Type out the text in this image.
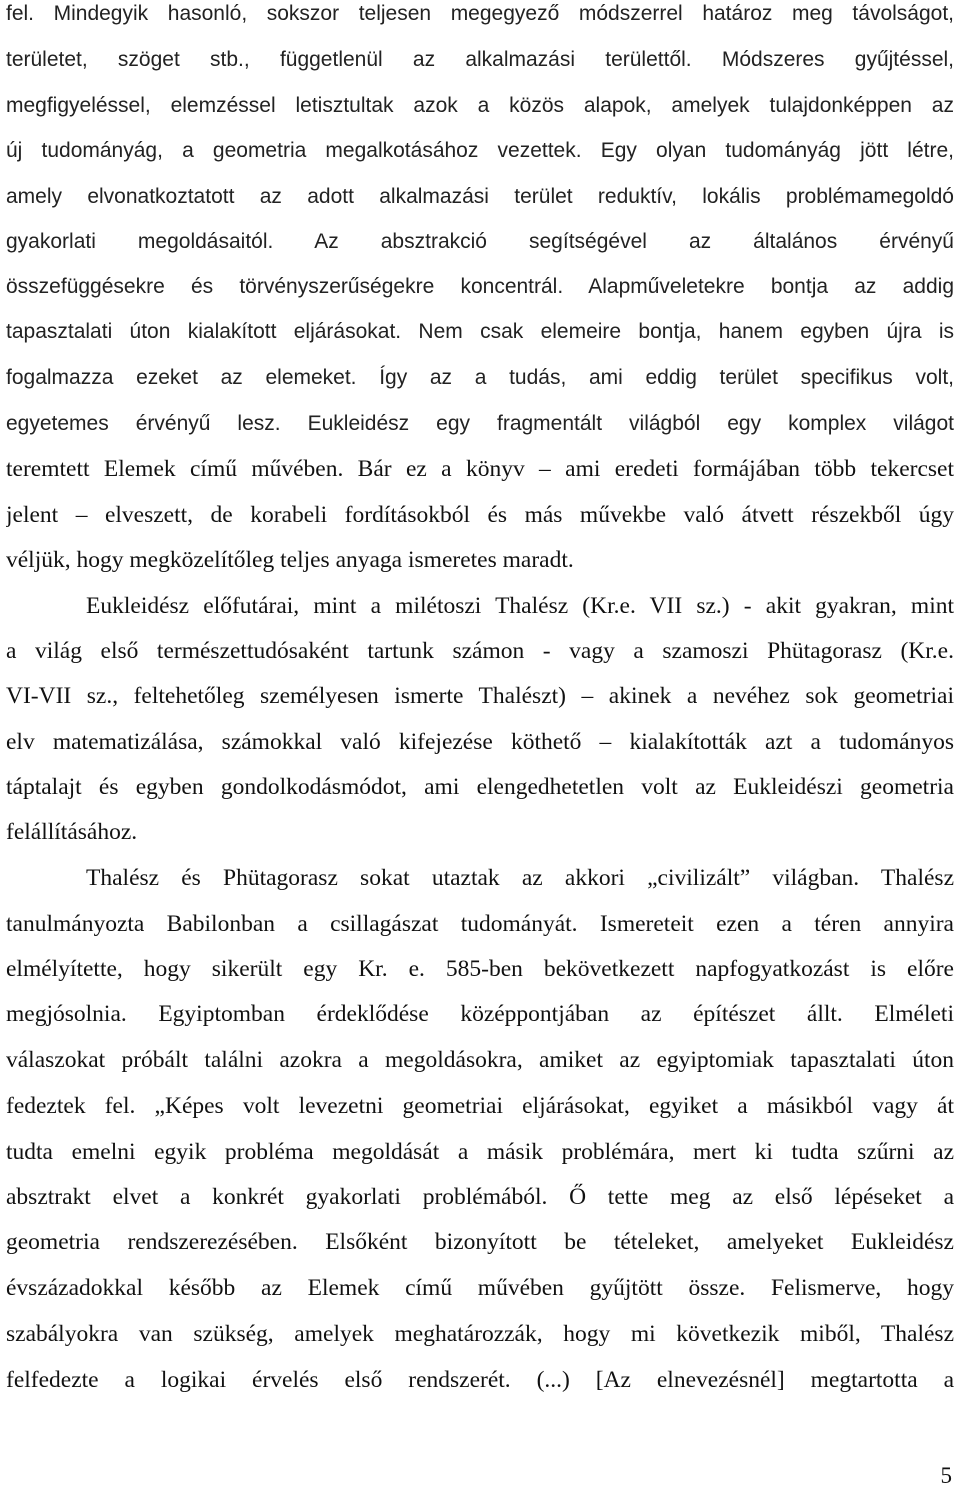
fel. Mindegyik hasonló, sokszor teljesen megegyező módszerrel határoz meg távolságot,
területet, szöget stb., függetlenül az alkalmazási területtől. Módszeres gyűjtéssel,
megfigyeléssel, elemzéssel letisztultak azok a közös alapok, amelyek tulajdonképpen az
új tudományág, a geometria megalkotásához vezettek. Egy olyan tudományág jött létre,
amely elvonatkoztatott az adott alkalmazási terület reduktív, lokális problémamegoldó
gyakorlati megoldásaitól. Az absztrakció segítségével az általános érvényű
összefüggésekre és törvényszerűségekre koncentrál. Alapműveletekre bontja az addig
tapasztalati úton kialakított eljárásokat. Nem csak elemeire bontja, hanem egyben újra is
fogalmazza ezeket az elemeket. Így az a tudás, ami eddig terület specifikus volt,
egyetemes érvényű lesz. Eukleidész egy fragmentált világból egy komplex világot
teremtett Elemek című művében. Bár ez a könyv – ami eredeti formájában több tekercset
jelent – elveszett, de korabeli fordításokból és más művekbe való átvett részekből úgy
véljük, hogy megközelítőleg teljes anyaga ismeretes maradt.
Eukleidész előfutárai, mint a milétoszi Thalész (Kr.e. VII sz.) - akit gyakran, mint
a világ első természettudósaként tartunk számon - vagy a szamoszi Phütagorasz (Kr.e.
VI-VII sz., feltehetőleg személyesen ismerte Thalészt) – akinek a nevéhez sok geometriai
elv matematizálása, számokkal való kifejezése köthető – kialakították azt a tudományos
táptalajt és egyben gondolkodásmódot, ami elengedhetetlen volt az Eukleidészi geometria
felállításához.
Thalész és Phütagorasz sokat utaztak az akkori „civilizált” világban. Thalész
tanulmányozta Babilonban a csillagászat tudományát. Ismereteit ezen a téren annyira
elmélyítette, hogy sikerült egy Kr. e. 585-ben bekövetkezett napfogyatkozást is előre
megjósolnia. Egyiptomban érdeklődése középpontjában az építészet állt. Elméleti
válaszokat próbált találni azokra a megoldásokra, amiket az egyiptomiak tapasztalati úton
fedeztek fel. „Képes volt levezetni geometriai eljárásokat, egyiket a másikból vagy át
tudta emelni egyik probléma megoldását a másik problémára, mert ki tudta szűrni az
absztrakt elvet a konkrét gyakorlati problémából. Ő tette meg az első lépéseket a
geometria rendszerezésében. Elsőként bizonyított be tételeket, amelyeket Eukleidész
évszázadokkal később az Elemek című művében gyűjtött össze. Felismerve, hogy
szabályokra van szükség, amelyek meghatározzák, hogy mi következik miből, Thalész
felfedezte a logikai érvelés első rendszerét. (...) [Az elnevezésnél] megtartotta a
5
